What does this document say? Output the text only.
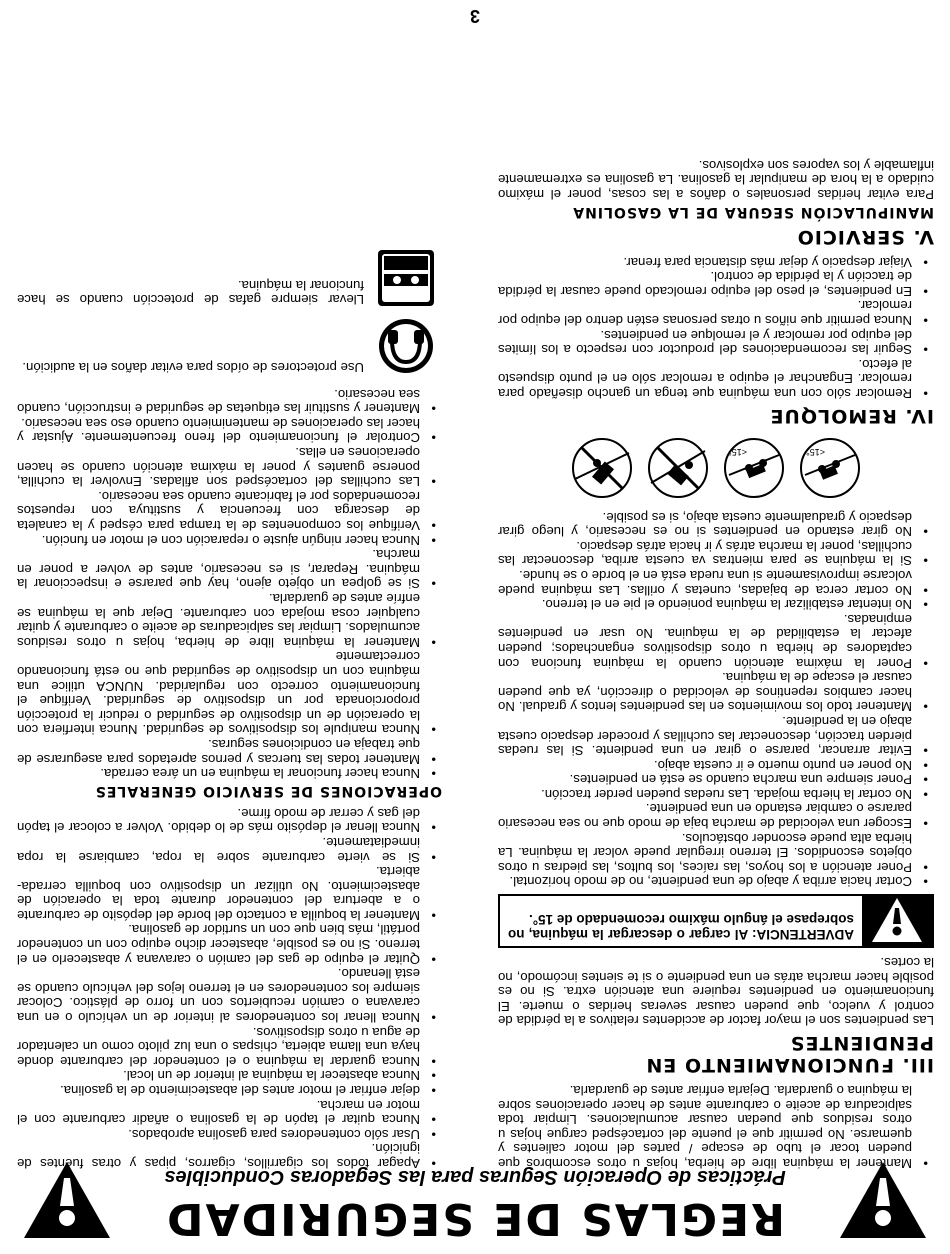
REGLAS DE SEGURIDAD
Prácticas de Operación Seguras para las Segadoras Conducibles
• Mantener la máquina libre de hierba, hojas u otros escombros que pueden tocar el tubo de escape / partes del motor calientes y quemarse. No permitir que el puente del cortacésped cargue hojas u otros residuos que puedan causar acumulaciones. Limpiar toda salpicadura de aceite o carburante antes de hacer operaciones sobre la máquina o guardarla. Dejarla enfriar antes de guardarla.
III. FUNCIONAMIENTO EN PENDIENTES
Las pendientes son el mayor factor de accidentes relativos a la pérdida de control y vuelco, que pueden causar severas heridas o muerte. El funcionamiento en pendientes requiere una atención extra. Si no es posible hacer marcha atrás en una pendiente o si te sientes incómodo, no la cortes.
ADVERTENCIA: Al cargar o descargar la máquina, no sobrepase el ángulo máximo recomendado de 15°.
• Cortar hacia arriba y abajo de una pendiente, no de modo horizontal.
• Poner atención a los hoyos, las raíces, los bultos, las piedras u otros objetos escondidos. El terreno irregular puede volcar la máquina. La hierba alta puede esconder obstáculos.
• Escoger una velocidad de marcha baja de modo que no sea necesario pararse o cambiar estando en una pendiente.
• No cortar la hierba mojada. Las ruedas pueden perder tracción.
• Poner siempre una marcha cuando se está en pendientes.
• No poner en punto muerto e ir cuesta abajo.
• Evitar arrancar, pararse o girar en una pendiente. Si las ruedas pierden tracción, desconectar las cuchillas y proceder despacio cuesta abajo en la pendiente.
• Mantener todo los movimientos en las pendientes lentos y gradual. No hacer cambios repentinos de velocidad o dirección, ya que pueden causar el escape de la máquina.
• Poner la máxima atención cuando la máquina funciona con captadores de hierba u otros dispositivos enganchados; pueden afectar la estabilidad de la máquina. No usar en pendientes empinadas.
• No intentar estabilizar la máquina poniendo el pie en el terreno.
• No cortar cerca de bajadas, cunetas y orillas. Las máquina puede volcarse improvisamente si una rueda está en el borde o se hunde.
• Si la máquina se para mientras va cuesta arriba, desconectar las cuchillas, poner la marcha atrás y ir hacia atrás despacio.
• No girar estando en pendientes si no es necesario, y luego girar despacio y gradualmente cuesta abajo, si es posible.
<15°
<15°
IV. REMOLQUE
• Remolcar sólo con una máquina que tenga un gancho diseñado para remolcar. Enganchar el equipo a remolcar sólo en el punto dispuesto al efecto.
• Seguir las recomendaciones del productor con respecto a los límites del equipo por remolcar y el remolque en pendientes.
• Nunca permitir que niños u otras personas estén dentro del equipo por remolcar.
• En pendientes, el peso del equipo remolcado puede causar la pérdida de tracción y la pérdida de control.
• Viajar despacio y dejar más distancia para frenar.
V. SERVICIO
MANIPULACIÓN SEGURA DE LA GASOLINA
Para evitar heridas personales o daños a las cosas, poner el máximo cuidado a la hora de manipular la gasolina. La gasolina es extremamente inflamable y los vapores son explosivos.
• Apagar todos los cigarrillos, cigarros, pipas y otras fuentes de ignición.
• Usar sólo contenedores para gasolina aprobados.
• Nunca quitar el tapón de la gasolina o añadir carburante con el motor en marcha.
• dejar enfriar el motor antes del abastecimiento de la gasolina.
• Nunca abastecer la máquina al interior de un local.
• Nunca guardar la máquina o el contenedor del carburante donde haya una llama abierta, chispas o una luz piloto como un calentador de agua u otros dispositivos.
• Nunca llenar los contenedores al interior de un vehículo o en una caravana o camión recubiertos con un forro de plástico. Colocar siempre los contenedores en el terreno lejos del vehículo cuando se está llenando.
• Quitar el equipo de gas del camión o caravana y abastecerlo en el terreno. Si no es posible, abastecer dicho equipo con un contenedor portátil, más bien que con un surtidor de gasolina.
• Mantener la boquilla a contacto del borde del depósito de carburante o a abertura del contenedor durante toda la operación de abastecimiento. No utilizar un dispositivo con boquilla cerrada-abierta.
• Si se vierte carburante sobre la ropa, cambiarse la ropa inmediatamente.
• Nunca llenar el depósito más de lo debido. Volver a colocar el tapón del gas y cerrar de modo firme.
OPERACIONES DE SERVICIO GENERALES
• Nunca hacer funcionar la máquina en un área cerrada.
• Mantener todas las tuercas y pernos apretados para asegurarse de que trabaja en condiciones seguras.
• Nunca manipule los dispositivos de seguridad. Nunca interfiera con la operación de un dispositivo de seguridad o reducir la protección proporcionada por un dispositivo de seguridad. Verifique el funcionamiento correcto con regularidad. NUNCA utilice una máquina con un dispositivo de seguridad que no está funcionando correctamente
• Mantener la máquina libre de hierba, hojas u otros residuos acumulados. Limpiar las salpicaduras de aceite o carburante y quitar cualquier cosa mojada con carburante. Dejar que la máquina se enfríe antes de guardarla.
• Si se golpea un objeto ajeno, hay que pararse e inspeccionar la máquina. Reparar, si es necesario, antes de volver a poner en marcha.
• Nunca hacer ningún ajuste o reparación con el motor en función.
• Verifique los componentes de la trampa para césped y la canaleta de descarga con frecuencia y sustituya con repuestos recomendados por el fabricante cuando sea necesario.
• Las cuchillas del cortacésped son afiladas. Envolver la cuchilla, ponerse guantes y poner la máxima atención cuando se hacen operaciones en ellas.
• Controlar el funcionamiento del freno frecuentemente. Ajustar y hacer las operaciones de mantenimiento cuando eso sea necesario.
• Mantener y sustituir las etiquetas de seguridad e instrucción, cuando sea necesario.
Use protectores de oídos para evitar daños en la audición.
Llevar siempre gafas de protección cuando se hace funcionar la máquina.
3
